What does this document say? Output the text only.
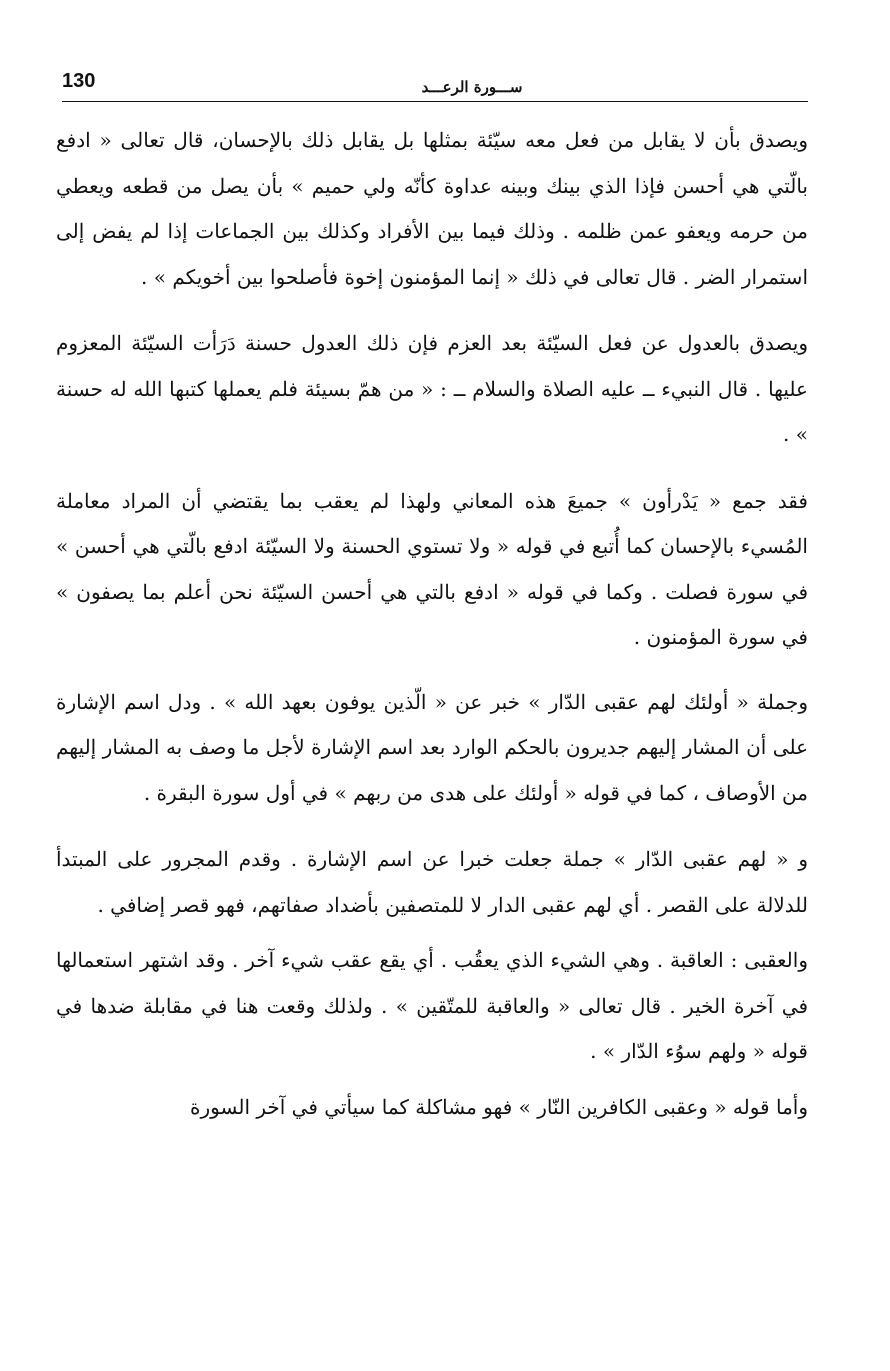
130	ســـورة الرعـــد

ويصدق بأن لا يقابل من فعل معه سيّئة بمثلها بل يقابل ذلك بالإحسان، قال تعالى « ادفع بالّتي هي أحسن فإذا الذي بينك وبينه عداوة كأنّه ولي حميم » بأن يصل من قطعه ويعطي من حرمه ويعفو عمن ظلمه . وذلك فيما بين الأفراد وكذلك بين الجماعات إذا لم يفض إلى استمرار الضر . قال تعالى في ذلك « إنما المؤمنون إخوة فأصلحوا بين أخويكم » .

ويصدق بالعدول عن فعل السيّئة بعد العزم فإن ذلك العدول حسنة دَرَأت السيّئة المعزوم عليها . قال النبيء ــ عليه الصلاة والسلام ــ : « من همّ بسيئة فلم يعملها كتبها الله له حسنة » .

فقد جمع « يَدْرأون » جميعَ هذه المعاني ولهذا لم يعقب بما يقتضي أن المراد معاملة المُسيء بالإحسان كما أُتبع في قوله « ولا تستوي الحسنة ولا السيّئة ادفع بالّتي هي أحسن » في سورة فصلت . وكما في قوله « ادفع بالتي هي أحسن السيّئة نحن أعلم بما يصفون » في سورة المؤمنون .

وجملة « أولئك لهم عقبى الدّار » خبر عن « الّذين يوفون بعهد الله » . ودل اسم الإشارة على أن المشار إليهم جديرون بالحكم الوارد بعد اسم الإشارة لأجل ما وصف به المشار إليهم من الأوصاف ، كما في قوله « أولئك على هدى من ربهم » في أول سورة البقرة .

و « لهم عقبى الدّار » جملة جعلت خبرا عن اسم الإشارة . وقدم المجرور على المبتدأ للدلالة على القصر . أي لهم عقبى الدار لا للمتصفين بأضداد صفاتهم، فهو قصر إضافي .

والعقبى : العاقبة . وهي الشيء الذي يعقُب . أي يقع عقب شيء آخر . وقد اشتهر استعمالها في آخرة الخير . قال تعالى « والعاقبة للمتّقين » . ولذلك وقعت هنا في مقابلة ضدها في قوله « ولهم سوُء الدّار » .

وأما قوله « وعقبى الكافرين النّار » فهو مشاكلة كما سيأتي في آخر السورة
